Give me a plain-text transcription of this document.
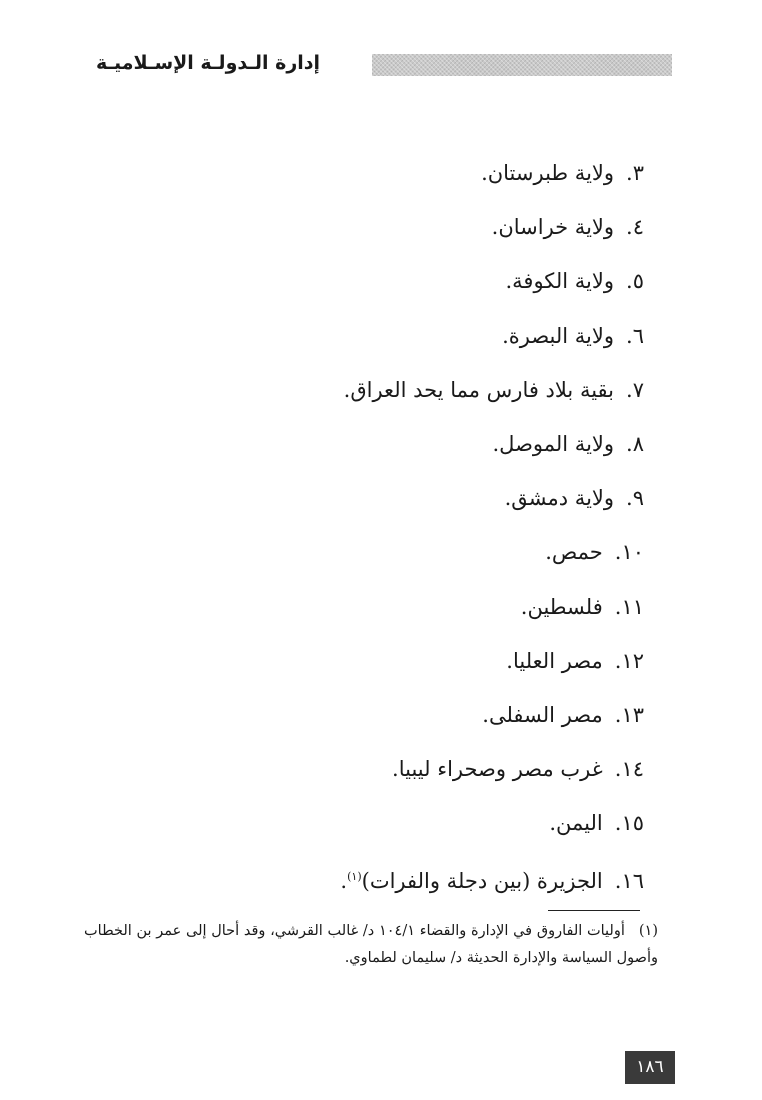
إدارة الـدولـة الإسـلاميـة
٣.ولاية طبرستان.
٤.ولاية خراسان.
٥.ولاية الكوفة.
٦.ولاية البصرة.
٧.بقية بلاد فارس مما يحد العراق.
٨.ولاية الموصل.
٩.ولاية دمشق.
١٠.حمص.
١١.فلسطين.
١٢.مصر العليا.
١٣.مصر السفلى.
١٤.غرب مصر وصحراء ليبيا.
١٥.اليمن.
١٦.الجزيرة (بين دجلة والفرات)$^{(١)}$.
(١)أوليات الفاروق في الإدارة والقضاء ١٠٤/١ د/ غالب القرشي، وقد أحال إلى عمر بن الخطاب وأصول السياسة والإدارة الحديثة د/ سليمان لطماوي.
١٨٦
